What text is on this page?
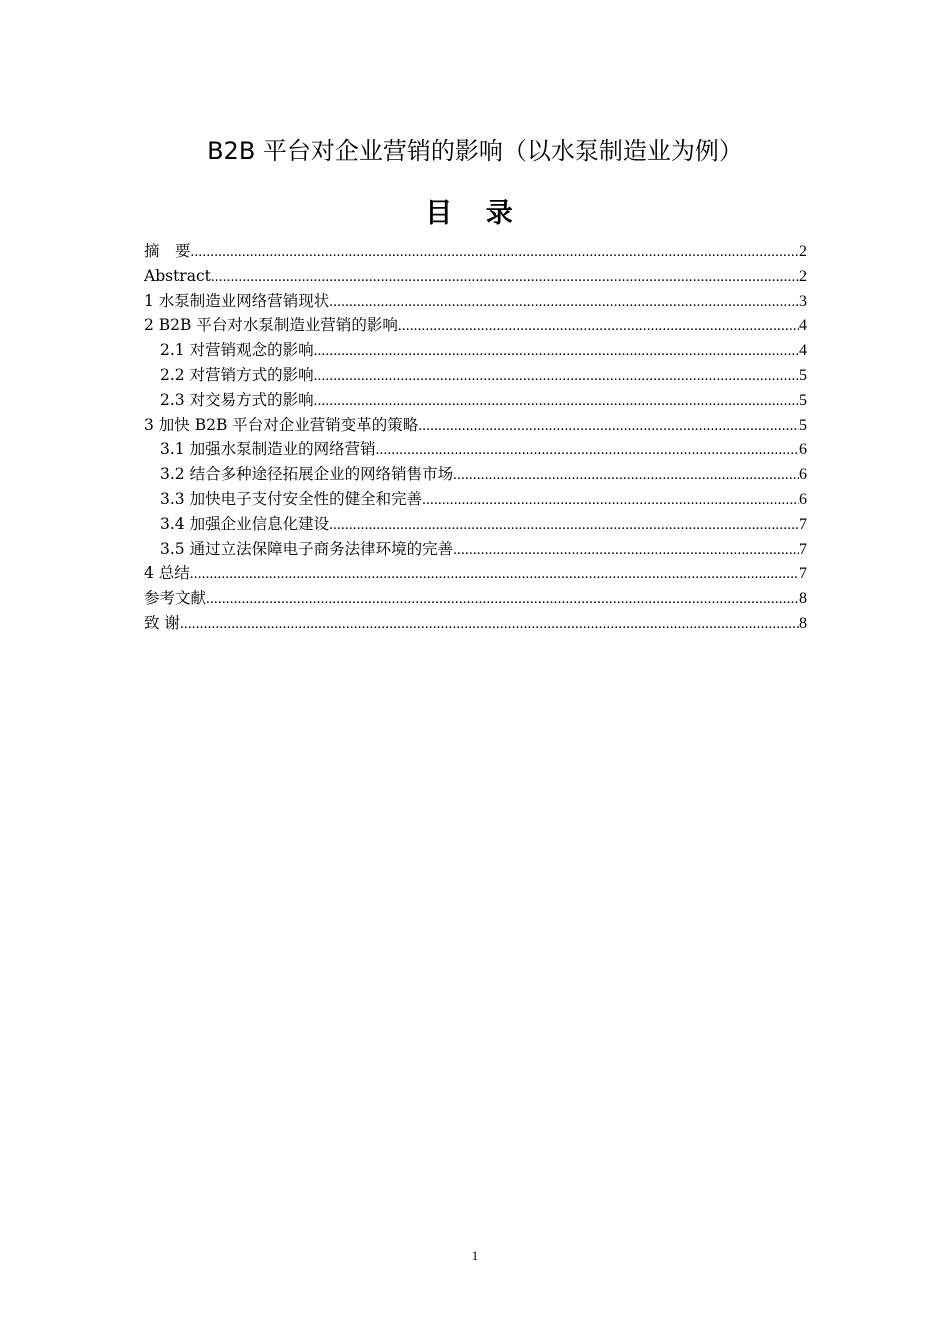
B2B 平台对企业营销的影响（以水泵制造业为例）
目 录
摘　要 .....	2
Abstract .....	2
1 水泵制造业网络营销现状 .....	3
2 B2B 平台对水泵制造业营销的影响 .....	4
2.1 对营销观念的影响 .....	4
2.2 对营销方式的影响 .....	5
2.3 对交易方式的影响 .....	5
3 加快 B2B 平台对企业营销变革的策略 .....	5
3.1 加强水泵制造业的网络营销 .....	6
3.2 结合多种途径拓展企业的网络销售市场 .....	6
3.3 加快电子支付安全性的健全和完善 .....	6
3.4 加强企业信息化建设 .....	7
3.5 通过立法保障电子商务法律环境的完善 .....	7
4 总结 .....	7
参考文献 .....	8
致 谢 .....	8
1
